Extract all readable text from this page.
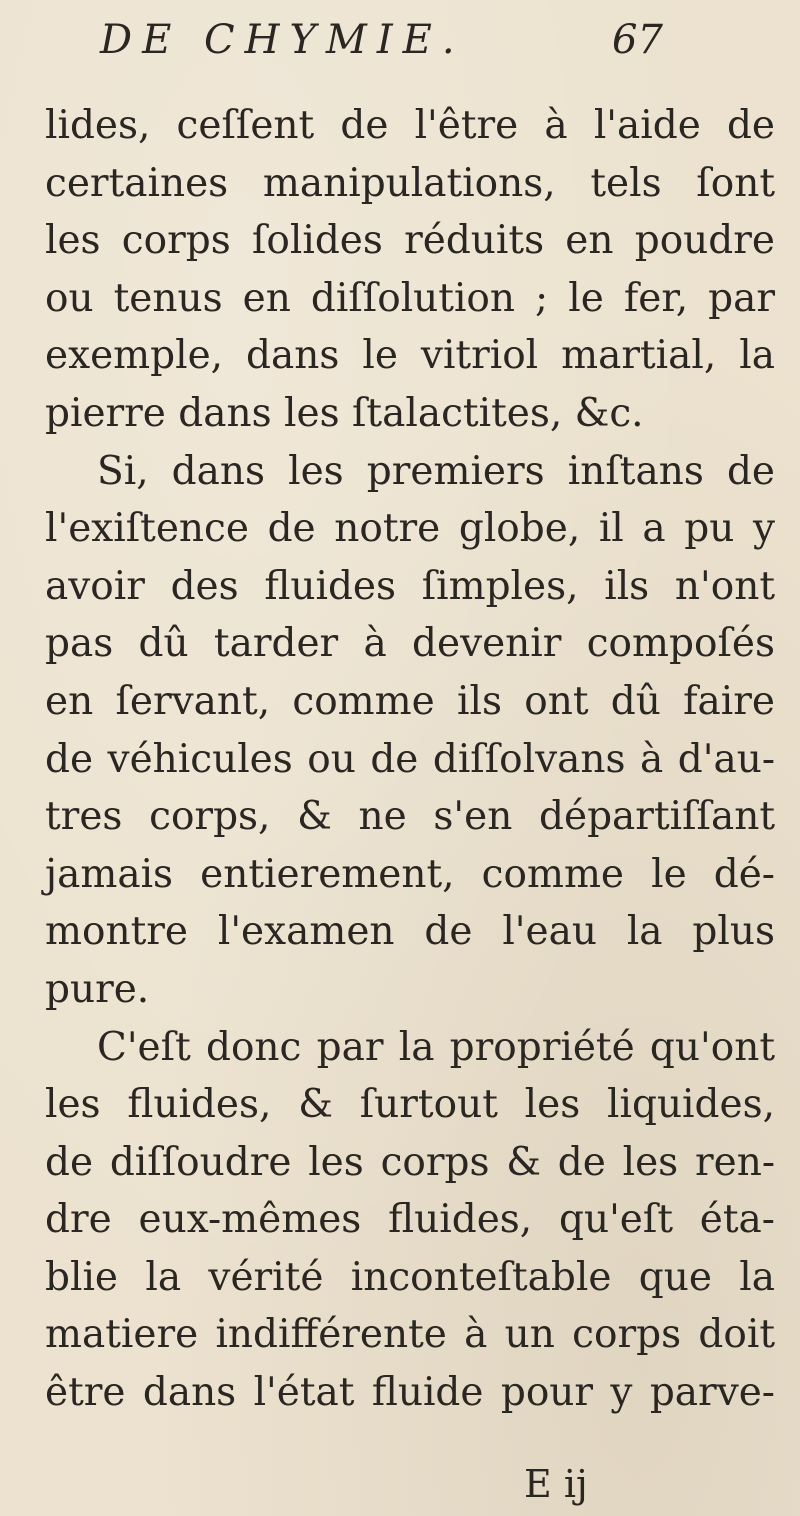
DE CHYMIE.	67
lides, ceſſent de l'être à l'aide de
certaines manipulations, tels ſont
les corps ſolides réduits en poudre
ou tenus en diſſolution ; le fer, par
exemple, dans le vitriol martial, la
pierre dans les ſtalactites, &c.
Si, dans les premiers inſtans de
l'exiſtence de notre globe, il a pu y
avoir des fluides ſimples, ils n'ont
pas dû tarder à devenir compoſés
en ſervant, comme ils ont dû faire
de véhicules ou de diſſolvans à d'au-
tres corps, & ne s'en départiſſant
jamais entierement, comme le dé-
montre l'examen de l'eau la plus
pure.
C'eſt donc par la propriété qu'ont
les fluides, & ſurtout les liquides,
de diſſoudre les corps & de les ren-
dre eux-mêmes fluides, qu'eſt éta-
blie la vérité inconteſtable que la
matiere indifférente à un corps doit
être dans l'état fluide pour y parve-
E ij
